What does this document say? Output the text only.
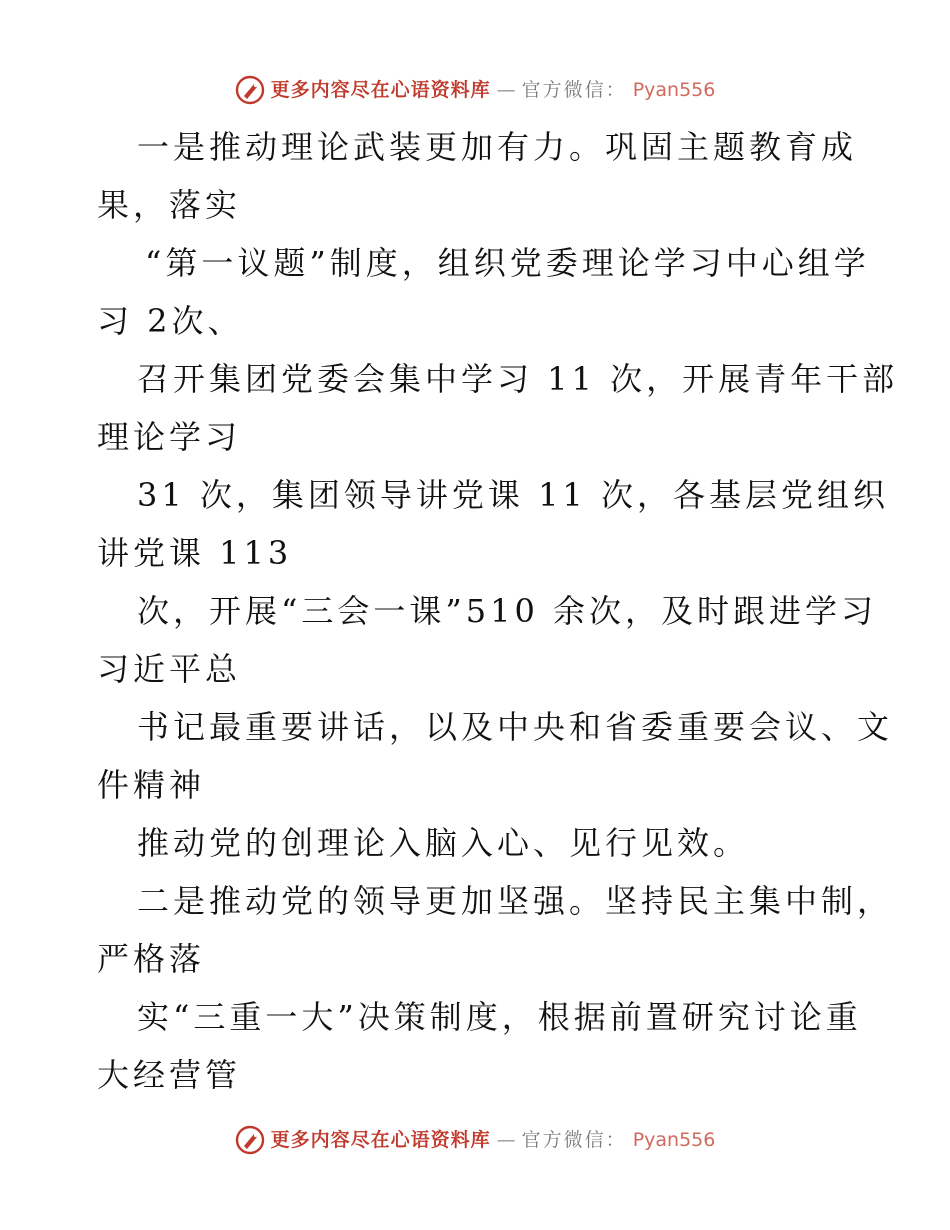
更多内容尽在心语资料库 — 官方微信： Pyan556
一是推动理论武装更加有力。巩固主题教育成
果，落实
“第一议题”制度，组织党委理论学习中心组学
习 2次、
召开集团党委会集中学习 11 次，开展青年干部
理论学习
31 次，集团领导讲党课 11 次，各基层党组织
讲党课 113
次，开展“三会一课”510 余次，及时跟进学习
习近平总
书记最重要讲话，以及中央和省委重要会议、文
件精神
推动党的创理论入脑入心、见行见效。
二是推动党的领导更加坚强。坚持民主集中制，
严格落
实“三重一大”决策制度，根据前置研究讨论重
大经营管
更多内容尽在心语资料库 — 官方微信： Pyan556
